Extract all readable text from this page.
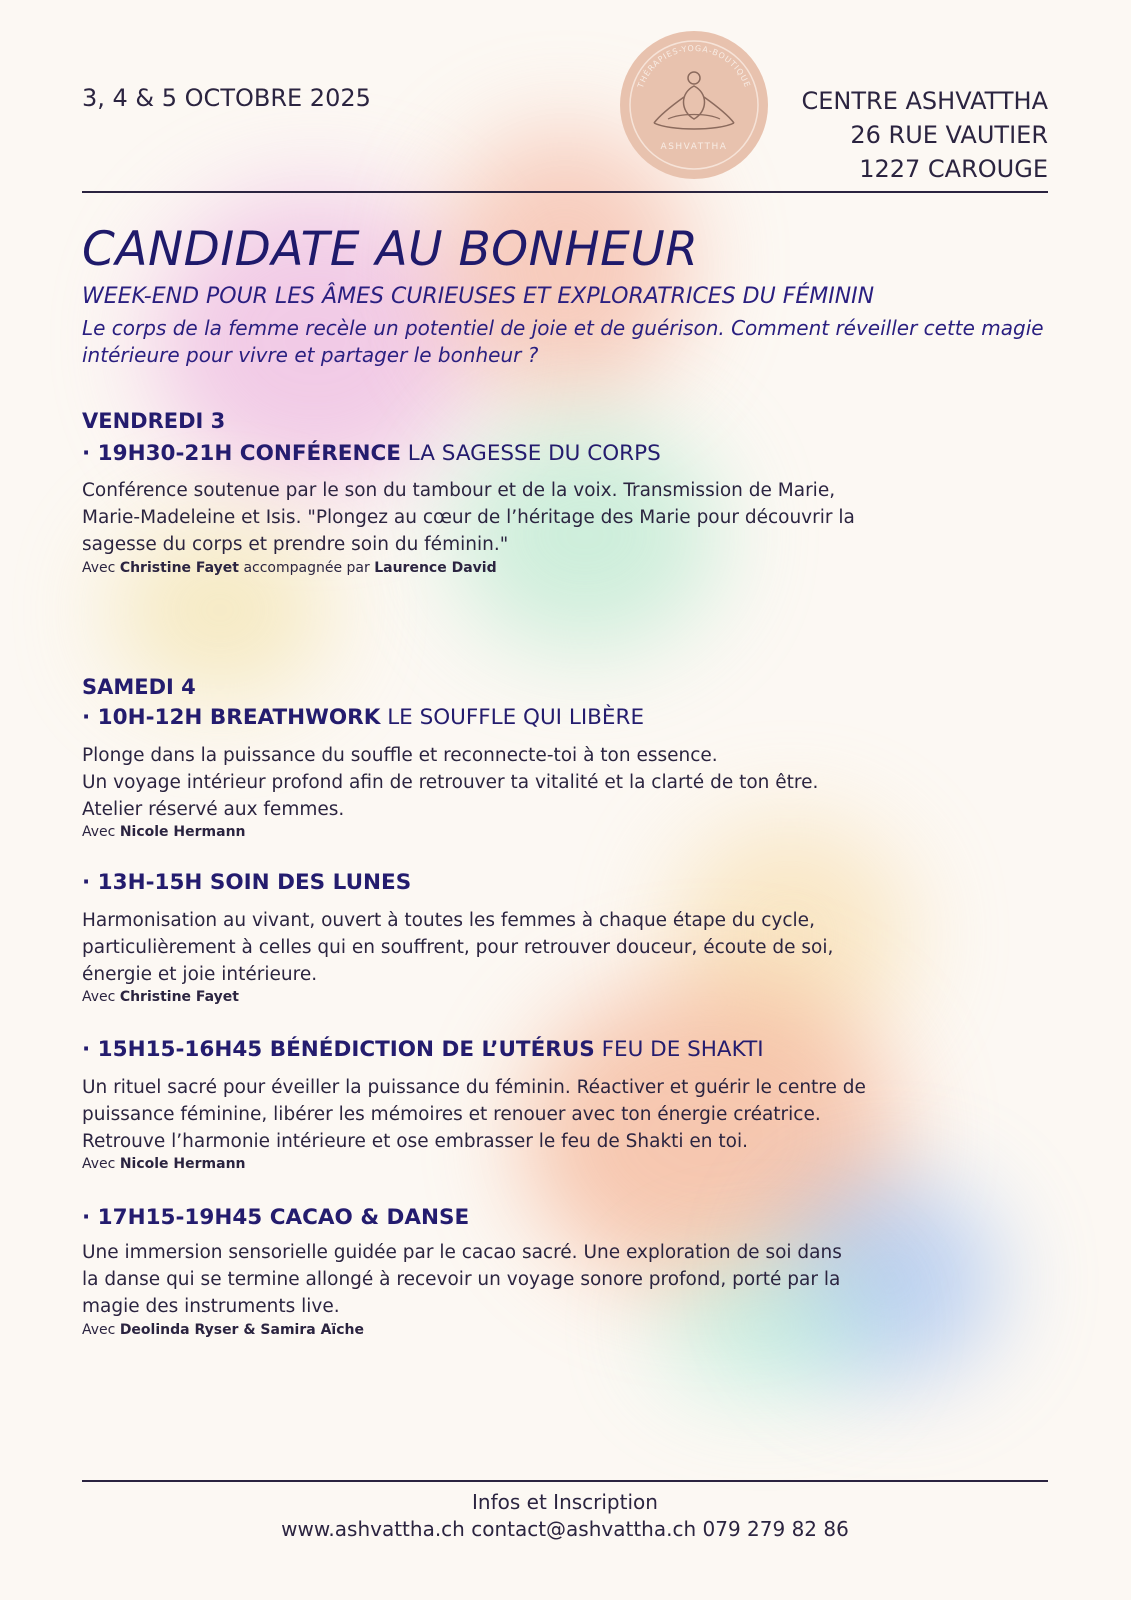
3, 4 & 5 OCTOBRE 2025	THÉRAPIES-YOGA-BOUTIQUE
ASHVATTHA
CENTRE ASHVATTHA
26 RUE VAUTIER
1227 CAROUGE
CANDIDATE AU BONHEUR
WEEK-END POUR LES ÂMES CURIEUSES ET EXPLORATRICES DU FÉMININ
Le corps de la femme recèle un potentiel de joie et de guérison. Comment réveiller cette magie intérieure pour vivre et partager le bonheur ?
VENDREDI 3
· 19H30-21H CONFÉRENCE LA SAGESSE DU CORPS
Conférence soutenue par le son du tambour et de la voix. Transmission de Marie,
Marie-Madeleine et Isis. "Plongez au cœur de l’héritage des Marie pour découvrir la
sagesse du corps et prendre soin du féminin."
Avec Christine Fayet accompagnée par Laurence David
SAMEDI 4
· 10H-12H BREATHWORK LE SOUFFLE QUI LIBÈRE
Plonge dans la puissance du souffle et reconnecte-toi à ton essence.
Un voyage intérieur profond afin de retrouver ta vitalité et la clarté de ton être.
Atelier réservé aux femmes.
Avec Nicole Hermann
· 13H-15H SOIN DES LUNES
Harmonisation au vivant, ouvert à toutes les femmes à chaque étape du cycle,
particulièrement à celles qui en souffrent, pour retrouver douceur, écoute de soi,
énergie et joie intérieure.
Avec Christine Fayet
· 15H15-16H45 BÉNÉDICTION DE L’UTÉRUS FEU DE SHAKTI
Un rituel sacré pour éveiller la puissance du féminin. Réactiver et guérir le centre de
puissance féminine, libérer les mémoires et renouer avec ton énergie créatrice.
Retrouve l’harmonie intérieure et ose embrasser le feu de Shakti en toi.
Avec Nicole Hermann
· 17H15-19H45 CACAO & DANSE
Une immersion sensorielle guidée par le cacao sacré. Une exploration de soi dans
la danse qui se termine allongé à recevoir un voyage sonore profond, porté par la
magie des instruments live.
Avec Deolinda Ryser & Samira Aïche
Infos et Inscription
www.ashvattha.ch contact@ashvattha.ch 079 279 82 86
